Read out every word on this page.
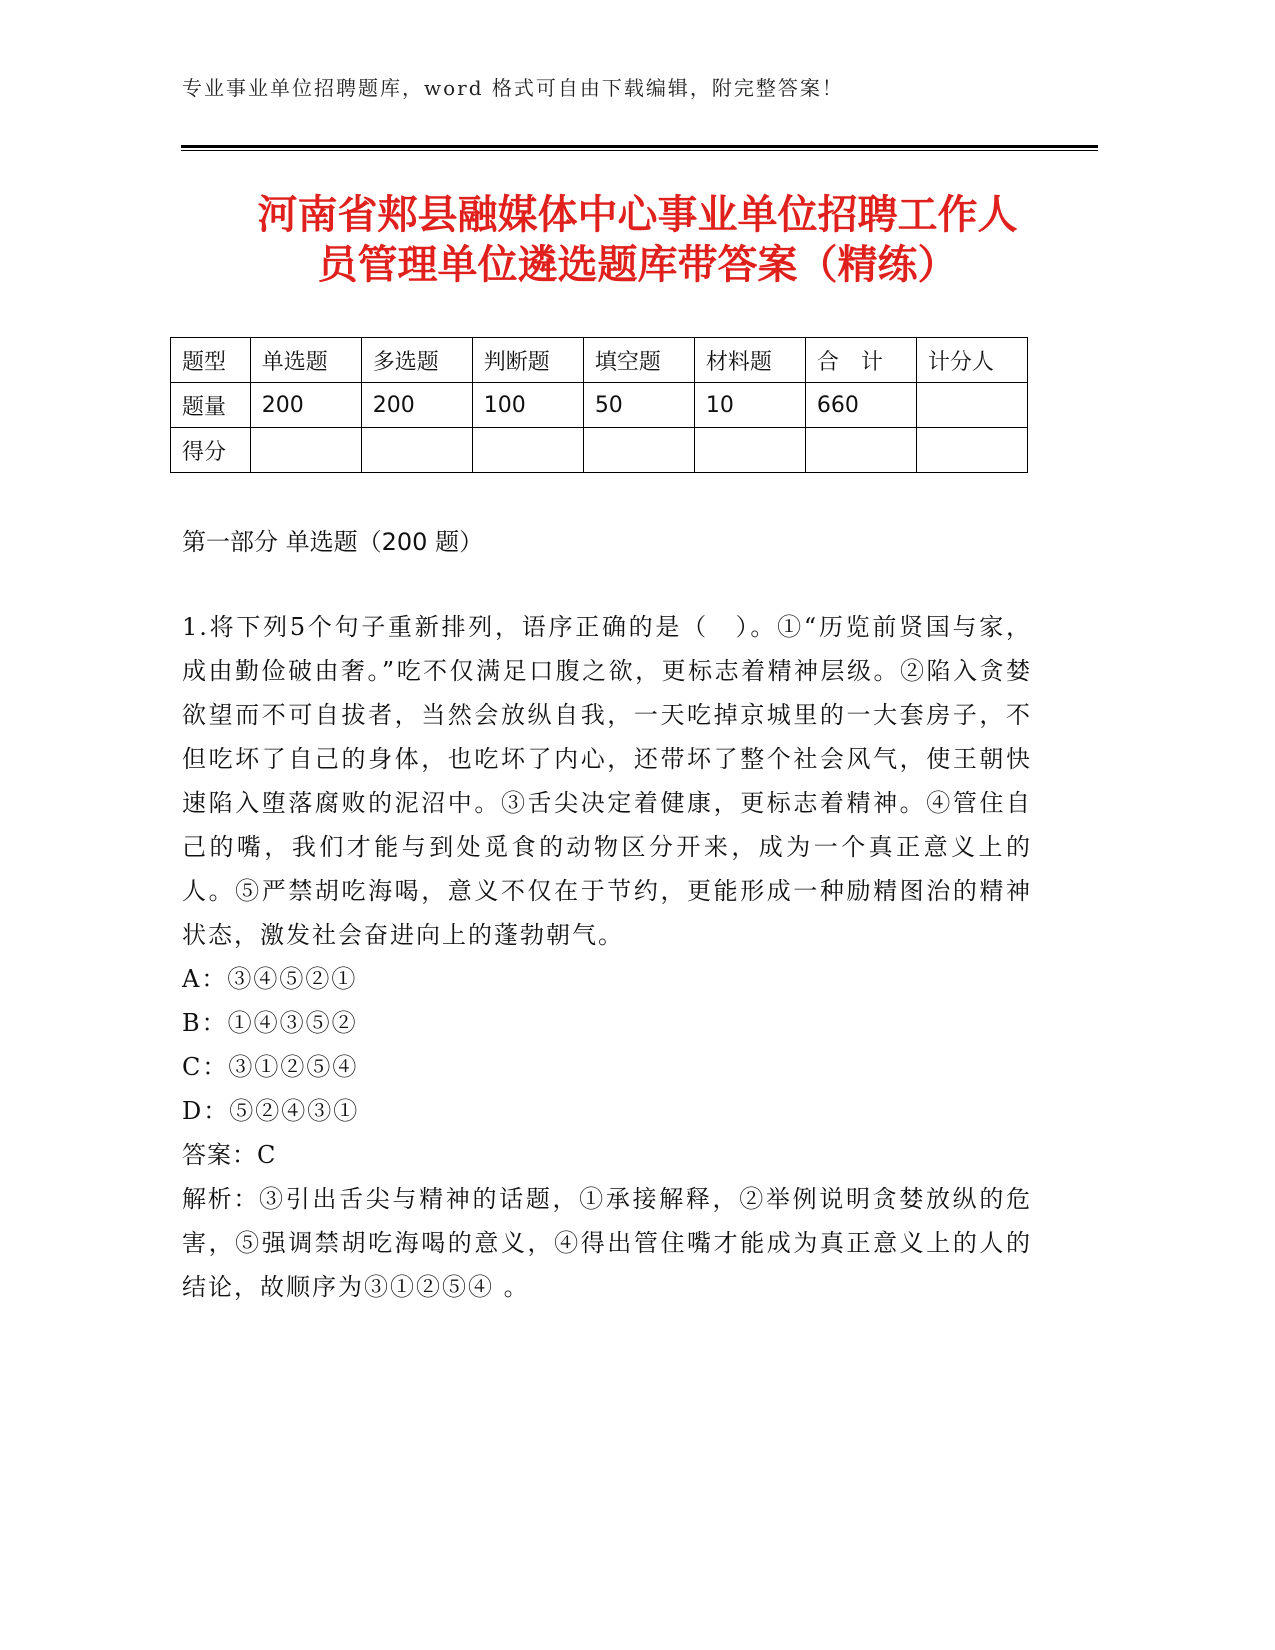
专业事业单位招聘题库，word 格式可自由下载编辑，附完整答案！
河南省郏县融媒体中心事业单位招聘工作人
员管理单位遴选题库带答案（精练）
题型	单选题	多选题	判断题	填空题	材料题	合　计	计分人
题量	200	200	100	50	10	660	
得分							
第一部分 单选题（200 题）

1.将下列5个句子重新排列，语序正确的是（　）。①“历览前贤国与家，成由勤俭破由奢。”吃不仅满足口腹之欲，更标志着精神层级。②陷入贪婪欲望而不可自拔者，当然会放纵自我，一天吃掉京城里的一大套房子，不但吃坏了自己的身体，也吃坏了内心，还带坏了整个社会风气，使王朝快速陷入堕落腐败的泥沼中。③舌尖决定着健康，更标志着精神。④管住自己的嘴，我们才能与到处觅食的动物区分开来，成为一个真正意义上的人。⑤严禁胡吃海喝，意义不仅在于节约，更能形成一种励精图治的精神状态，激发社会奋进向上的蓬勃朝气。

A：③④⑤②①

B：①④③⑤②

C：③①②⑤④

D：⑤②④③①

答案：C

解析：③引出舌尖与精神的话题，①承接解释，②举例说明贪婪放纵的危害，⑤强调禁胡吃海喝的意义，④得出管住嘴才能成为真正意义上的人的结论，故顺序为③①②⑤④ 。
